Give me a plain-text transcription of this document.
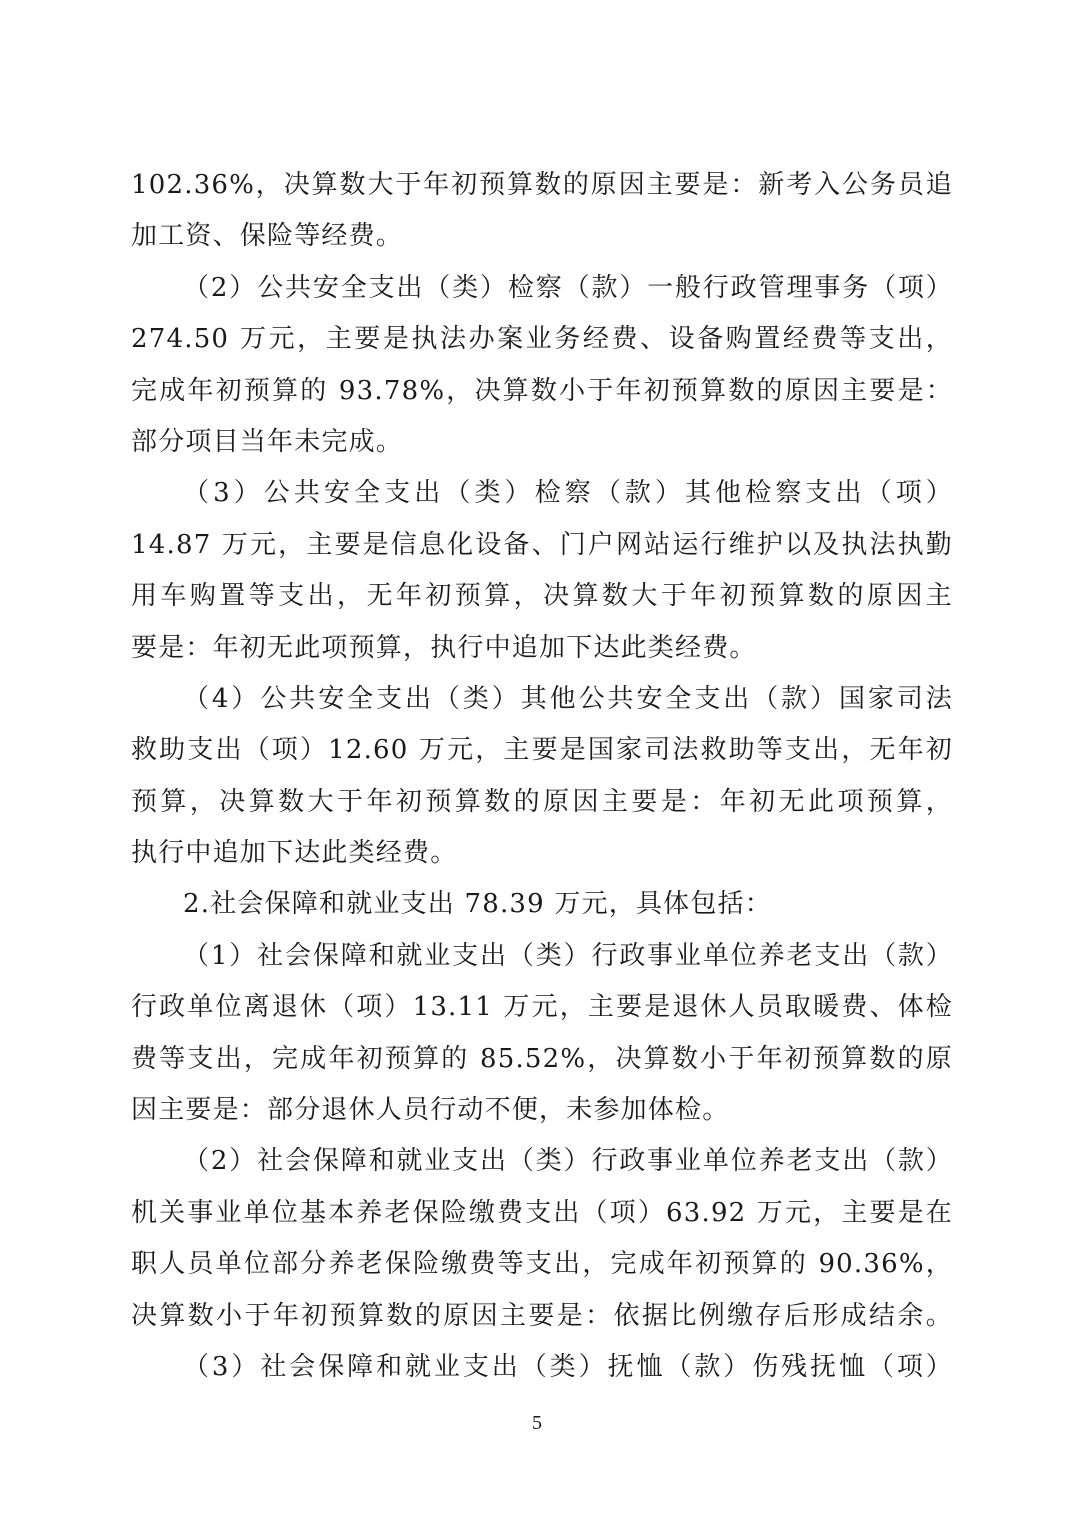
102.36%，决算数大于年初预算数的原因主要是：新考入公务员追
加工资、保险等经费。
（2）公共安全支出（类）检察（款）一般行政管理事务（项）
274.50 万元，主要是执法办案业务经费、设备购置经费等支出，
完成年初预算的 93.78%，决算数小于年初预算数的原因主要是：
部分项目当年未完成。
（3）公共安全支出（类）检察（款）其他检察支出（项）
14.87 万元，主要是信息化设备、门户网站运行维护以及执法执勤
用车购置等支出，无年初预算，决算数大于年初预算数的原因主
要是：年初无此项预算，执行中追加下达此类经费。
（4）公共安全支出（类）其他公共安全支出（款）国家司法
救助支出（项）12.60 万元，主要是国家司法救助等支出，无年初
预算，决算数大于年初预算数的原因主要是：年初无此项预算，
执行中追加下达此类经费。
2.社会保障和就业支出 78.39 万元，具体包括：
（1）社会保障和就业支出（类）行政事业单位养老支出（款）
行政单位离退休（项）13.11 万元，主要是退休人员取暖费、体检
费等支出，完成年初预算的 85.52%，决算数小于年初预算数的原
因主要是：部分退休人员行动不便，未参加体检。
（2）社会保障和就业支出（类）行政事业单位养老支出（款）
机关事业单位基本养老保险缴费支出（项）63.92 万元，主要是在
职人员单位部分养老保险缴费等支出，完成年初预算的 90.36%，
决算数小于年初预算数的原因主要是：依据比例缴存后形成结余。
（3）社会保障和就业支出（类）抚恤（款）伤残抚恤（项）
5
